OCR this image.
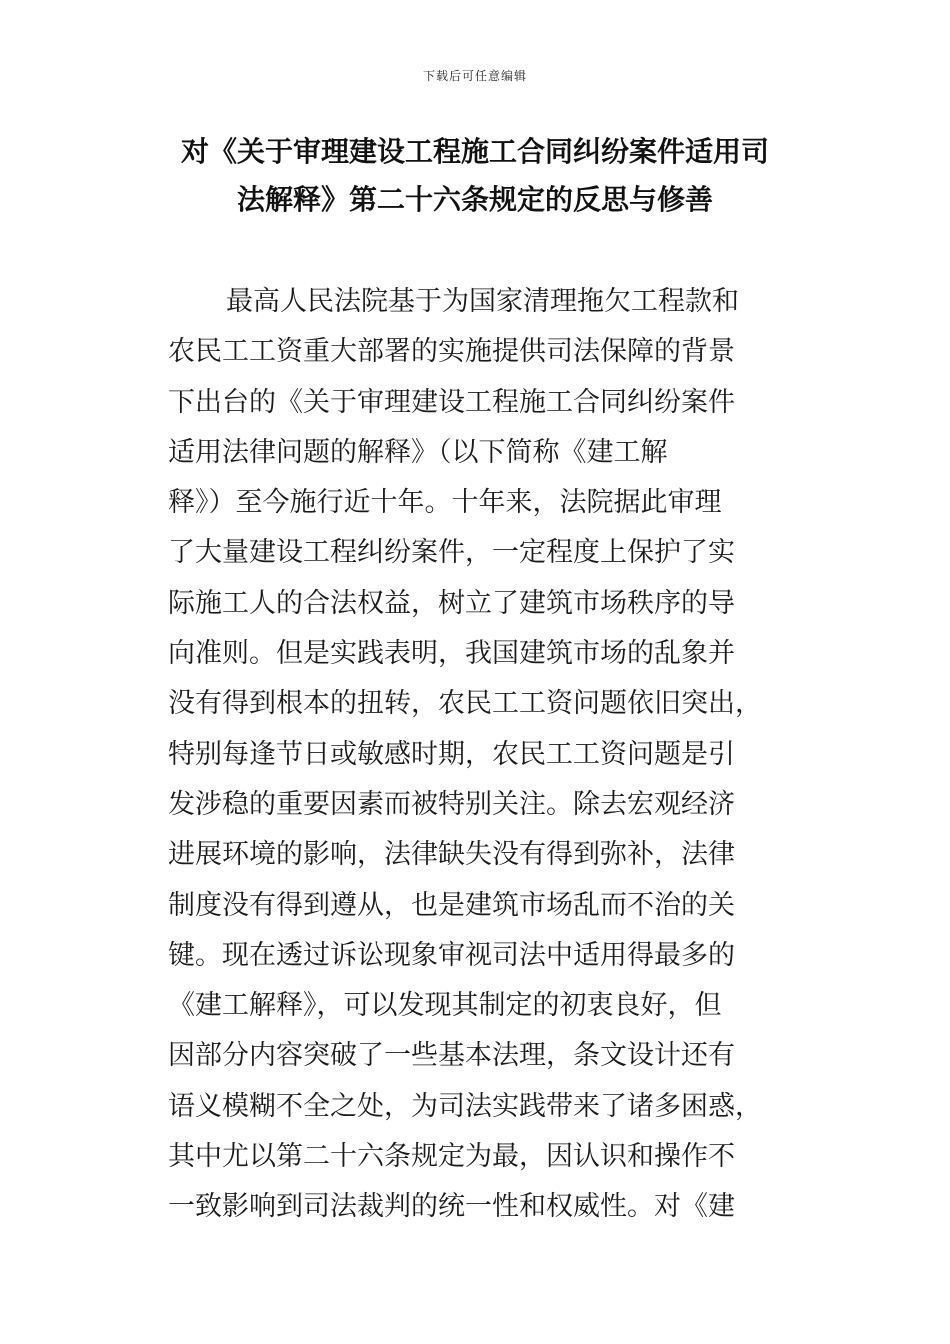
下载后可任意编辑
对《关于审理建设工程施工合同纠纷案件适用司
法解释》第二十六条规定的反思与修善
最高人民法院基于为国家清理拖欠工程款和
农民工工资重大部署的实施提供司法保障的背景
下出台的《关于审理建设工程施工合同纠纷案件
适用法律问题的解释》（以下简称《建工解
释》）至今施行近十年。十年来，法院据此审理
了大量建设工程纠纷案件，一定程度上保护了实
际施工人的合法权益，树立了建筑市场秩序的导
向准则。但是实践表明，我国建筑市场的乱象并
没有得到根本的扭转，农民工工资问题依旧突出，
特别每逢节日或敏感时期，农民工工资问题是引
发涉稳的重要因素而被特别关注。除去宏观经济
进展环境的影响，法律缺失没有得到弥补，法律
制度没有得到遵从，也是建筑市场乱而不治的关
键。现在透过诉讼现象审视司法中适用得最多的
《建工解释》，可以发现其制定的初衷良好，但
因部分内容突破了一些基本法理，条文设计还有
语义模糊不全之处，为司法实践带来了诸多困惑，
其中尤以第二十六条规定为最，因认识和操作不
一致影响到司法裁判的统一性和权威性。对《建
